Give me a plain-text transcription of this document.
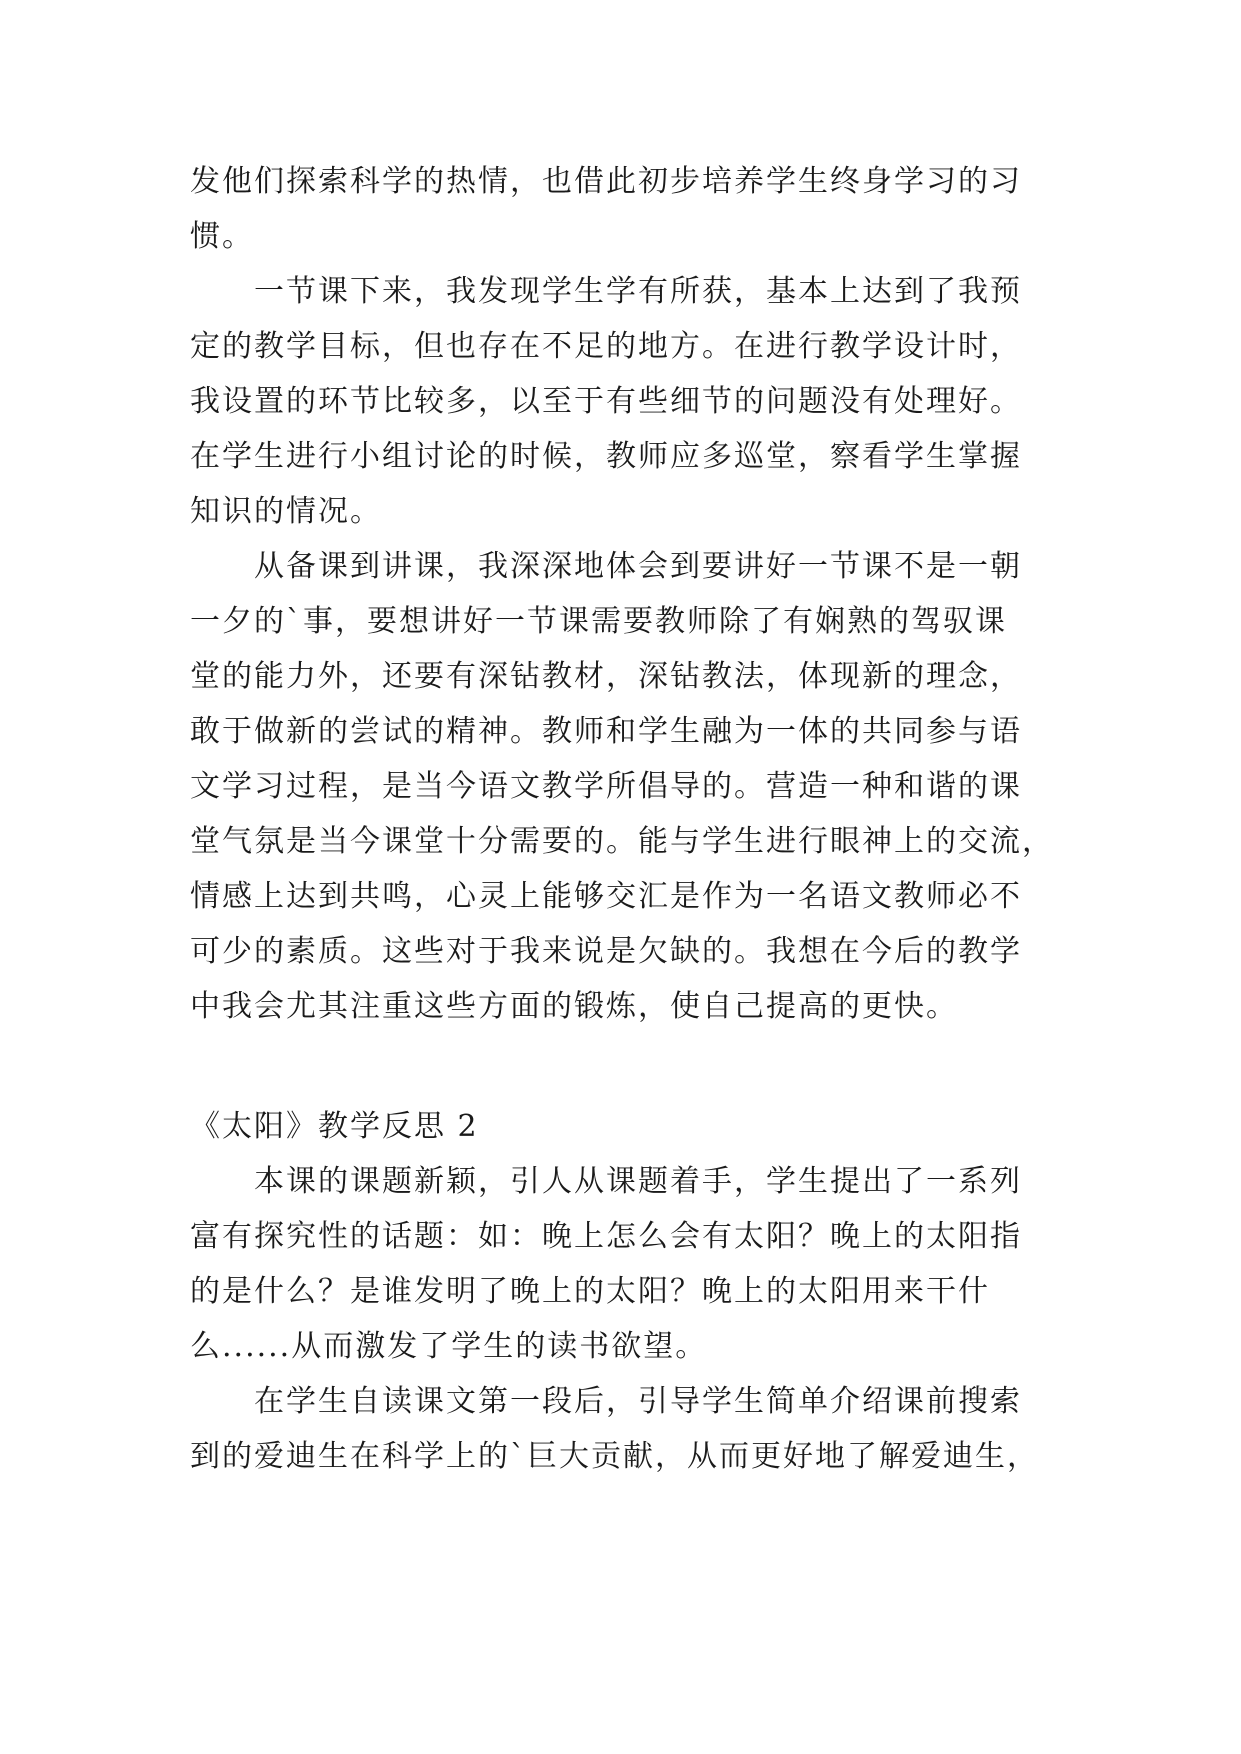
发他们探索科学的热情，也借此初步培养学生终身学习的习
惯。
一节课下来，我发现学生学有所获，基本上达到了我预
定的教学目标，但也存在不足的地方。在进行教学设计时，
我设置的环节比较多，以至于有些细节的问题没有处理好。
在学生进行小组讨论的时候，教师应多巡堂，察看学生掌握
知识的情况。
从备课到讲课，我深深地体会到要讲好一节课不是一朝
一夕的`事，要想讲好一节课需要教师除了有娴熟的驾驭课
堂的能力外，还要有深钻教材，深钻教法，体现新的理念，
敢于做新的尝试的精神。教师和学生融为一体的共同参与语
文学习过程，是当今语文教学所倡导的。营造一种和谐的课
堂气氛是当今课堂十分需要的。能与学生进行眼神上的交流，
情感上达到共鸣，心灵上能够交汇是作为一名语文教师必不
可少的素质。这些对于我来说是欠缺的。我想在今后的教学
中我会尤其注重这些方面的锻炼，使自己提高的更快。
《太阳》教学反思 2
本课的课题新颖，引人从课题着手，学生提出了一系列
富有探究性的话题：如：晚上怎么会有太阳？晚上的太阳指
的是什么？是谁发明了晚上的太阳？晚上的太阳用来干什
么......从而激发了学生的读书欲望。
在学生自读课文第一段后，引导学生简单介绍课前搜索
到的爱迪生在科学上的`巨大贡献，从而更好地了解爱迪生，
